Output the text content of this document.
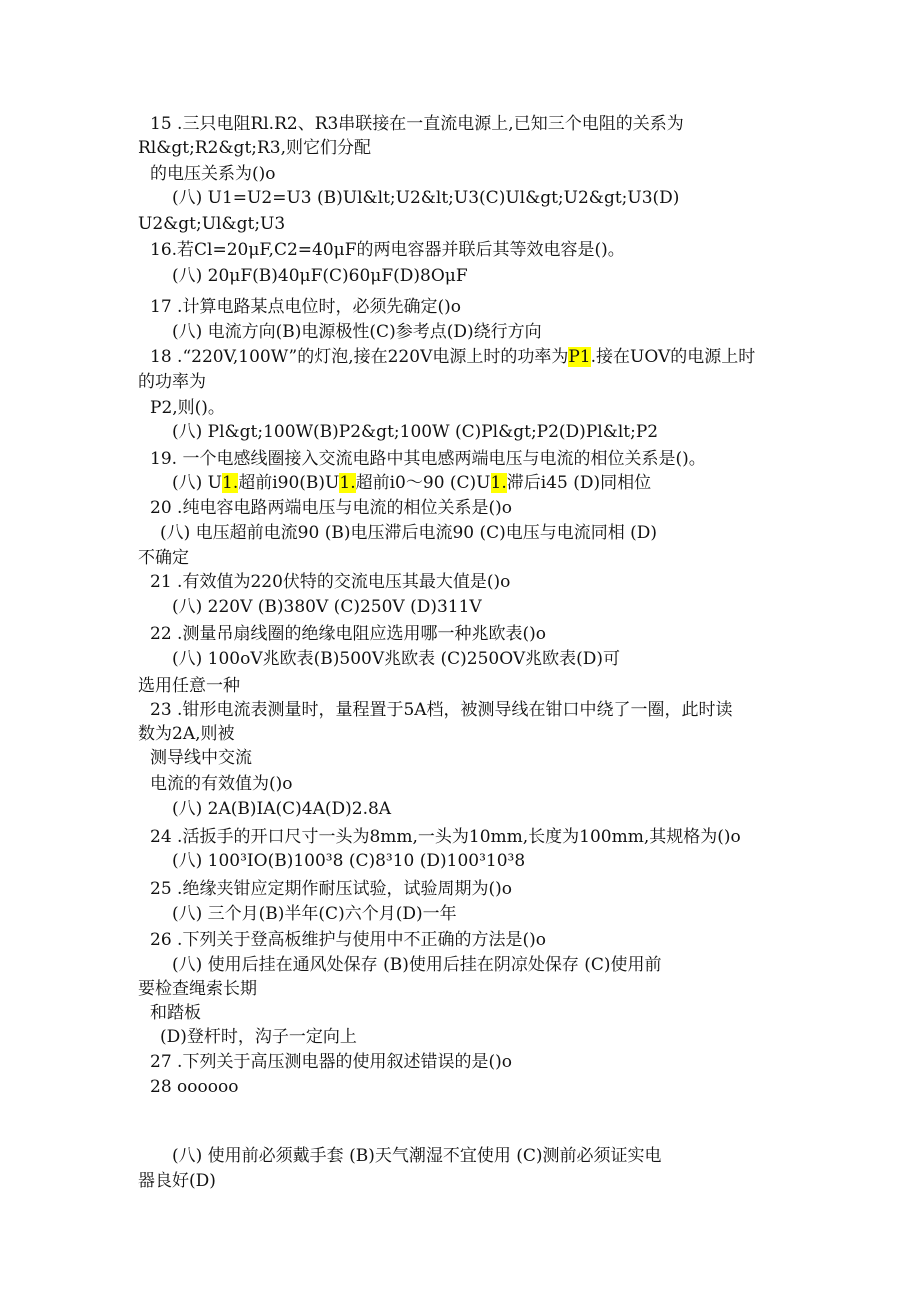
15 .三只电阻Rl.R2、R3串联接在一直流电源上,已知三个电阻的关系为
Rl&gt;R2&gt;R3,则它们分配
的电压关系为()o
(八) U1=U2=U3 (B)Ul&lt;U2&lt;U3(C)Ul&gt;U2&gt;U3(D)
U2&gt;Ul&gt;U3
16.若Cl=20μF,C2=40μF的两电容器并联后其等效电容是()。
(八) 20μF(B)40μF(C)60μF(D)8OμF
17 .计算电路某点电位时，必须先确定()o
(八) 电流方向(B)电源极性(C)参考点(D)绕行方向
18 .“220V,100W”的灯泡,接在220V电源上时的功率为P1.接在UOV的电源上时
的功率为
P2,则()。
(八) Pl&gt;100W(B)P2&gt;100W (C)Pl&gt;P2(D)Pl&lt;P2
19. 一个电感线圈接入交流电路中其电感两端电压与电流的相位关系是()。
(八) U1.超前i90(B)U1.超前i0～90 (C)U1.滞后i45 (D)同相位
20 .纯电容电路两端电压与电流的相位关系是()o
(八) 电压超前电流90 (B)电压滞后电流90 (C)电压与电流同相 (D)
不确定
21 .有效值为220伏特的交流电压其最大值是()o
(八) 220V (B)380V (C)250V (D)311V
22 .测量吊扇线圈的绝缘电阻应选用哪一种兆欧表()o
(八) 100oV兆欧表(B)500V兆欧表 (C)250OV兆欧表(D)可
选用任意一种
23 .钳形电流表测量时，量程置于5A档，被测导线在钳口中绕了一圈，此时读
数为2A,则被
测导线中交流
电流的有效值为()o
(八) 2A(B)IA(C)4A(D)2.8A
24 .活扳手的开口尺寸一头为8mm,一头为10mm,长度为100mm,其规格为()o
(八) 100³IO(B)100³8 (C)8³10 (D)100³10³8
25 .绝缘夹钳应定期作耐压试验，试验周期为()o
(八) 三个月(B)半年(C)六个月(D)一年
26 .下列关于登高板维护与使用中不正确的方法是()o
(八) 使用后挂在通风处保存 (B)使用后挂在阴凉处保存 (C)使用前
要检查绳索长期
和踏板
(D)登杆时，沟子一定向上
27 .下列关于高压测电器的使用叙述错误的是()o
28 oooooo
(八) 使用前必须戴手套 (B)天气潮湿不宜使用 (C)测前必须证实电
器良好(D)
